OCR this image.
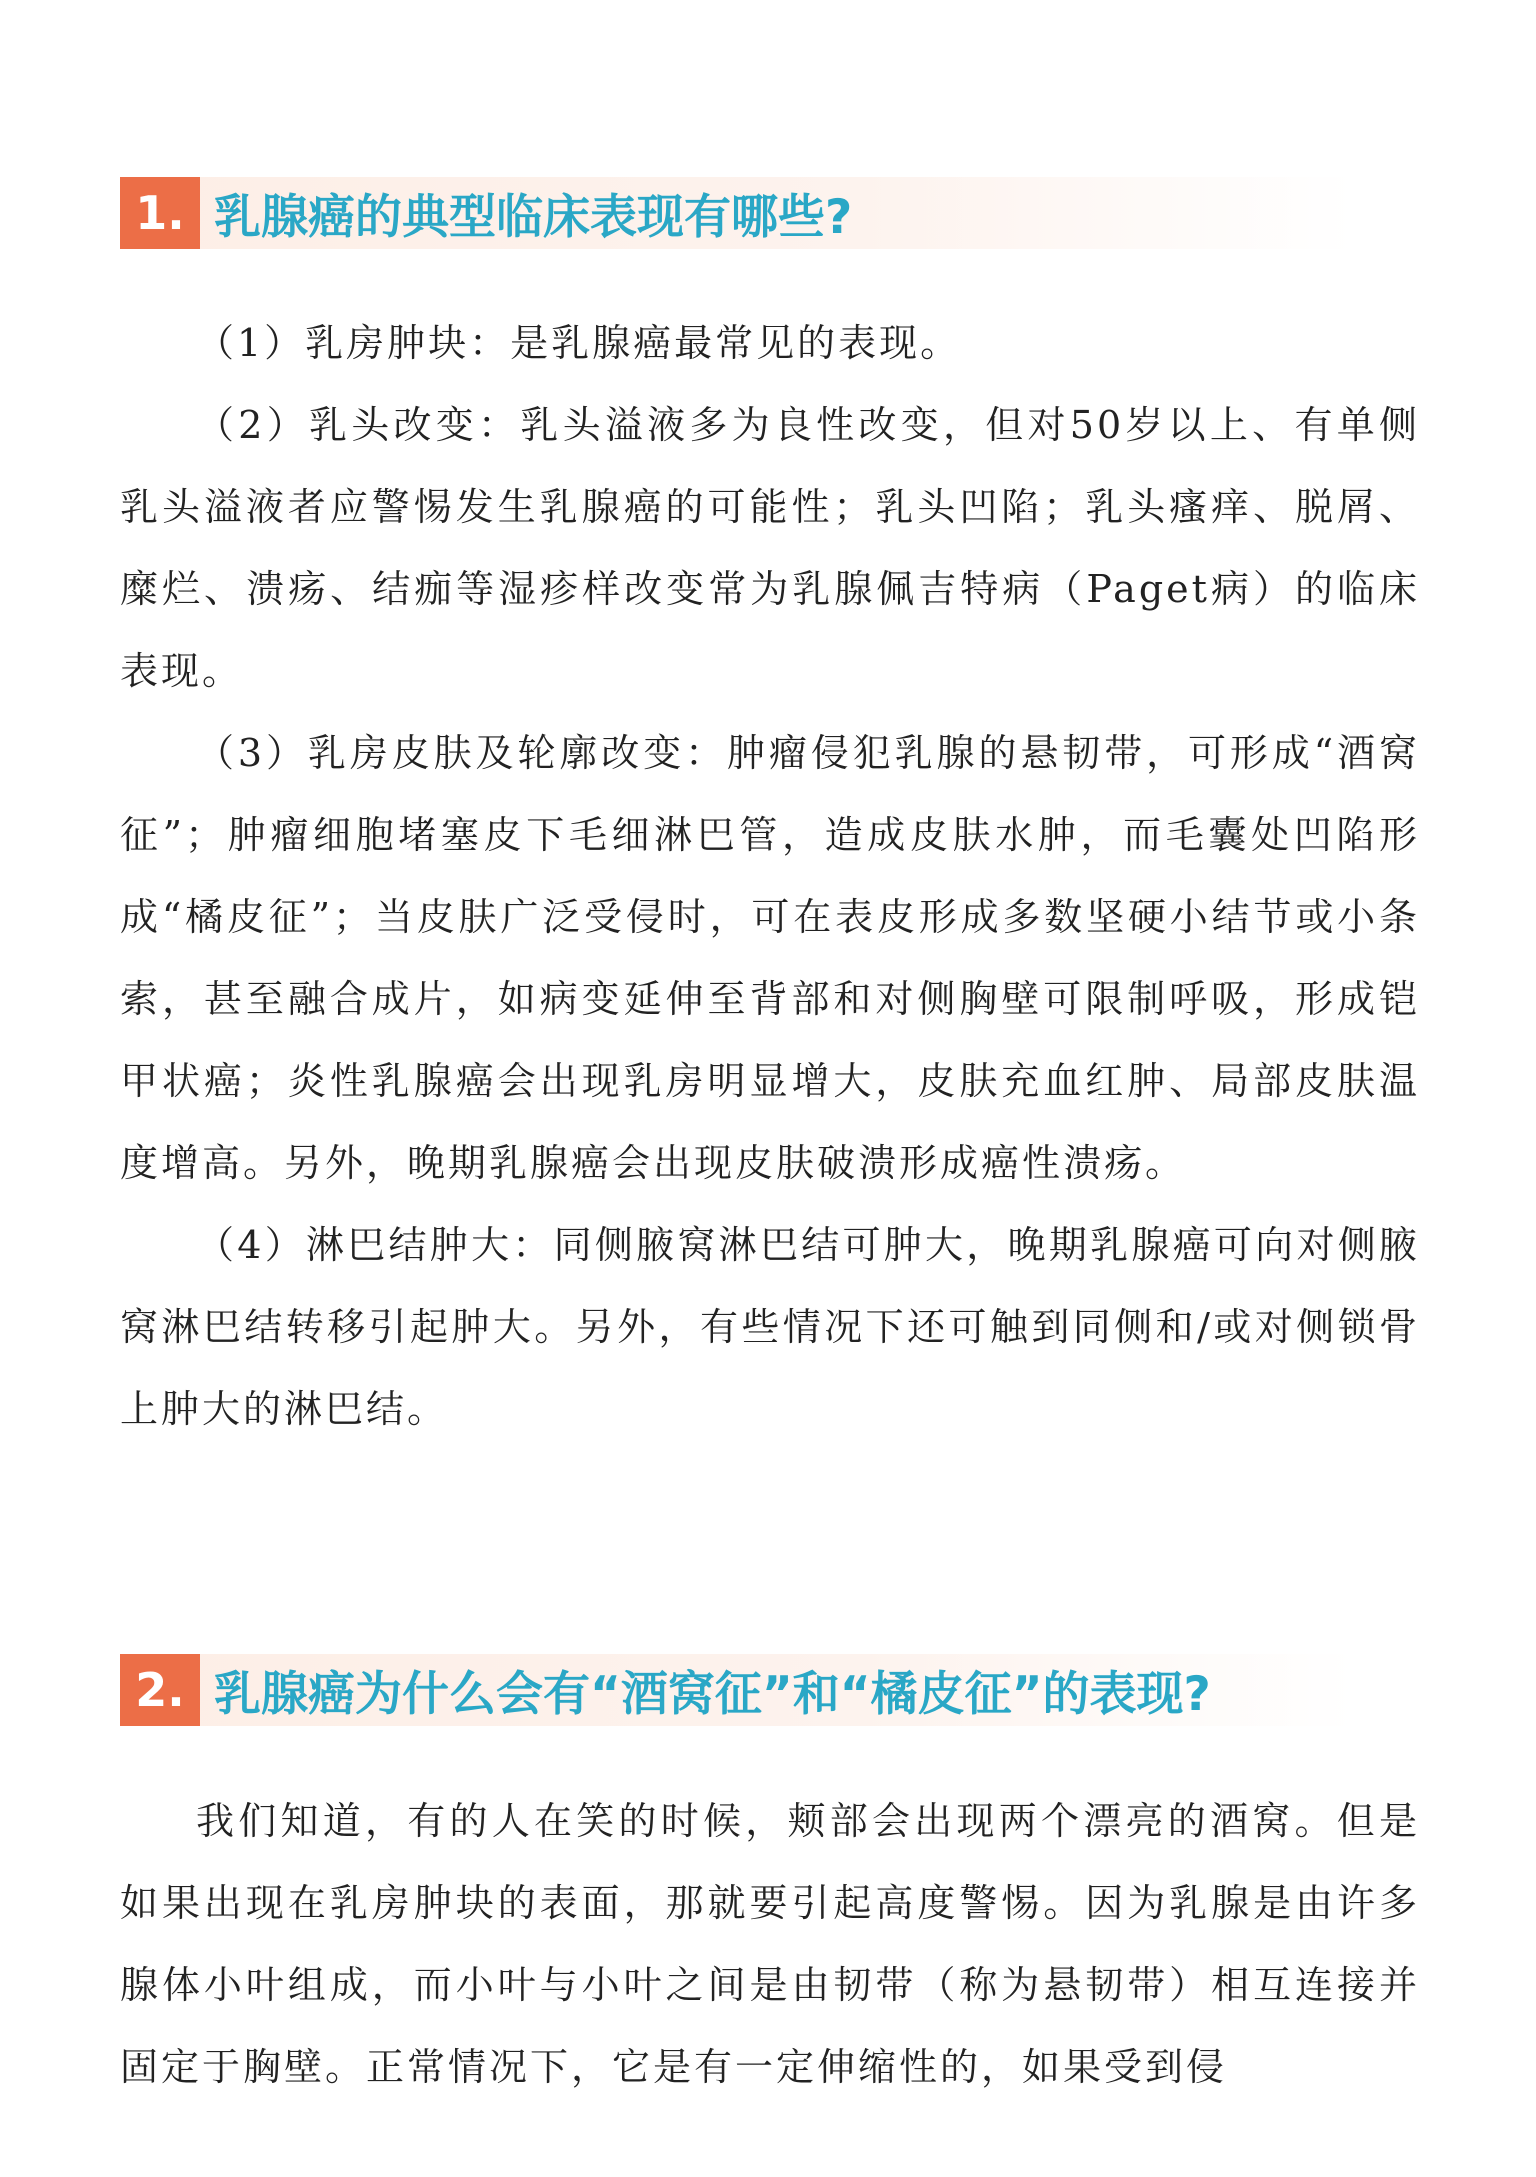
1. 乳腺癌的典型临床表现有哪些?

（1）乳房肿块：是乳腺癌最常见的表现。

（2）乳头改变：乳头溢液多为良性改变，但对50岁以上、有单侧乳头溢液者应警惕发生乳腺癌的可能性；乳头凹陷；乳头瘙痒、脱屑、糜烂、溃疡、结痂等湿疹样改变常为乳腺佩吉特病（Paget病）的临床表现。

（3）乳房皮肤及轮廓改变：肿瘤侵犯乳腺的悬韧带，可形成“酒窝征”；肿瘤细胞堵塞皮下毛细淋巴管，造成皮肤水肿，而毛囊处凹陷形成“橘皮征”；当皮肤广泛受侵时，可在表皮形成多数坚硬小结节或小条索，甚至融合成片，如病变延伸至背部和对侧胸壁可限制呼吸，形成铠甲状癌；炎性乳腺癌会出现乳房明显增大，皮肤充血红肿、局部皮肤温度增高。另外，晚期乳腺癌会出现皮肤破溃形成癌性溃疡。

（4）淋巴结肿大：同侧腋窝淋巴结可肿大，晚期乳腺癌可向对侧腋窝淋巴结转移引起肿大。另外，有些情况下还可触到同侧和/或对侧锁骨上肿大的淋巴结。

2. 乳腺癌为什么会有“酒窝征”和“橘皮征”的表现?

我们知道，有的人在笑的时候，颊部会出现两个漂亮的酒窝。但是如果出现在乳房肿块的表面，那就要引起高度警惕。因为乳腺是由许多腺体小叶组成，而小叶与小叶之间是由韧带（称为悬韧带）相互连接并固定于胸壁。正常情况下，它是有一定伸缩性的，如果受到侵
